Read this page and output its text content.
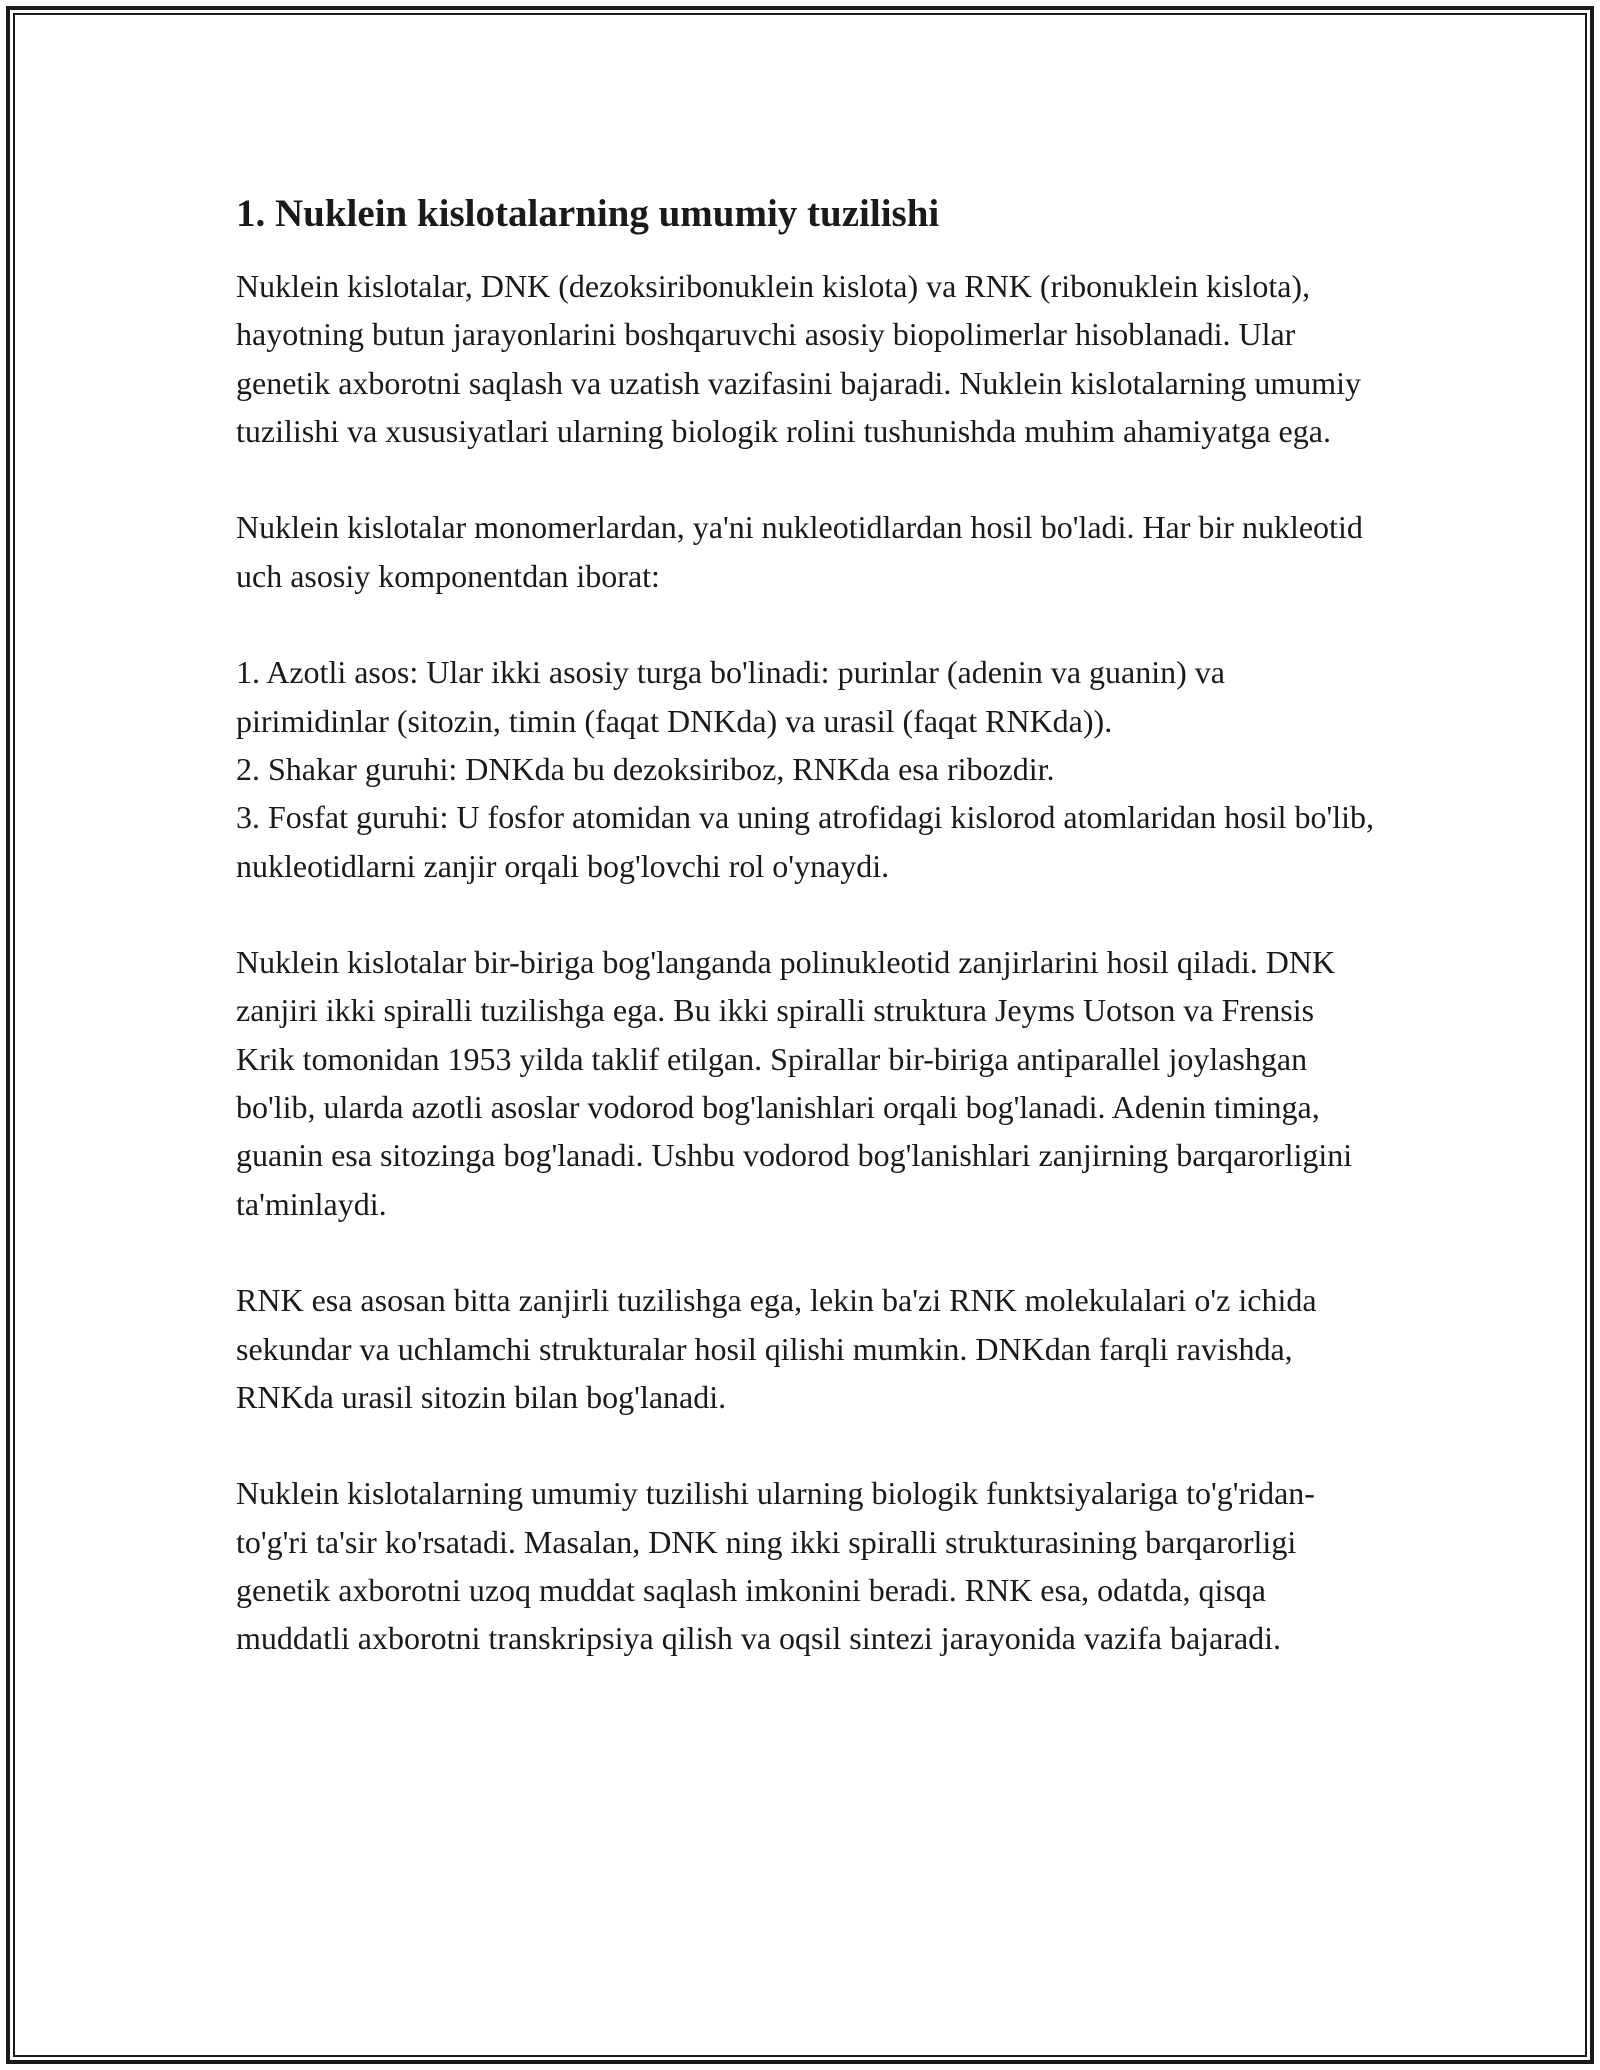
1. Nuklein kislotalarning umumiy tuzilishi

Nuklein kislotalar, DNK (dezoksiribonuklein kislota) va RNK (ribonuklein kislota), hayotning butun jarayonlarini boshqaruvchi asosiy biopolimerlar hisoblanadi. Ular genetik axborotni saqlash va uzatish vazifasini bajaradi. Nuklein kislotalarning umumiy tuzilishi va xususiyatlari ularning biologik rolini tushunishda muhim ahamiyatga ega.

Nuklein kislotalar monomerlardan, ya'ni nukleotidlardan hosil bo'ladi. Har bir nukleotid uch asosiy komponentdan iborat:

1. Azotli asos: Ular ikki asosiy turga bo'linadi: purinlar (adenin va guanin) va pirimidinlar (sitozin, timin (faqat DNKda) va urasil (faqat RNKda)).

2. Shakar guruhi: DNKda bu dezoksiriboz, RNKda esa ribozdir.

3. Fosfat guruhi: U fosfor atomidan va uning atrofidagi kislorod atomlaridan hosil bo'lib, nukleotidlarni zanjir orqali bog'lovchi rol o'ynaydi.

Nuklein kislotalar bir-biriga bog'langanda polinukleotid zanjirlarini hosil qiladi. DNK zanjiri ikki spiralli tuzilishga ega. Bu ikki spiralli struktura Jeyms Uotson va Frensis Krik tomonidan 1953 yilda taklif etilgan. Spirallar bir-biriga antiparallel joylashgan bo'lib, ularda azotli asoslar vodorod bog'lanishlari orqali bog'lanadi. Adenin timinga, guanin esa sitozinga bog'lanadi. Ushbu vodorod bog'lanishlari zanjirning barqarorligini ta'minlaydi.

RNK esa asosan bitta zanjirli tuzilishga ega, lekin ba'zi RNK molekulalari o'z ichida sekundar va uchlamchi strukturalar hosil qilishi mumkin. DNKdan farqli ravishda, RNKda urasil sitozin bilan bog'lanadi.

Nuklein kislotalarning umumiy tuzilishi ularning biologik funktsiyalariga to'g'ridan-to'g'ri ta'sir ko'rsatadi. Masalan, DNK ning ikki spiralli strukturasining barqarorligi genetik axborotni uzoq muddat saqlash imkonini beradi. RNK esa, odatda, qisqa muddatli axborotni transkripsiya qilish va oqsil sintezi jarayonida vazifa bajaradi.
